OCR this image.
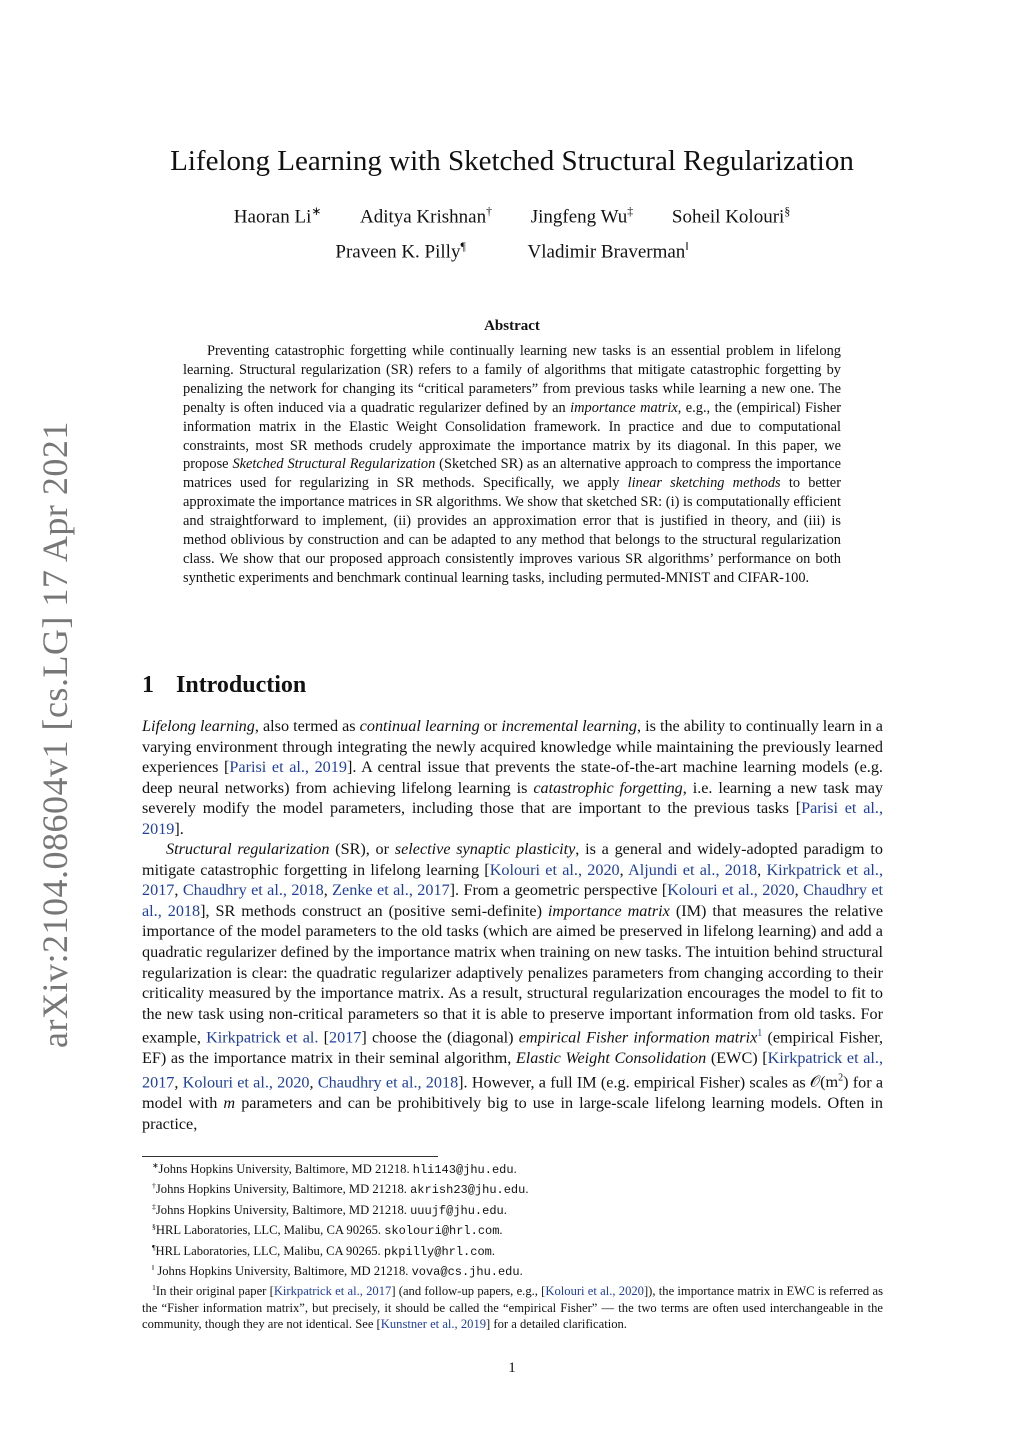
arXiv:2104.08604v1 [cs.LG] 17 Apr 2021
Lifelong Learning with Sketched Structural Regularization
Haoran Li∗ Aditya Krishnan† Jingfeng Wu‡ Soheil Kolouri§
Praveen K. Pilly¶	Vladimir Braverman‖
Abstract
Preventing catastrophic forgetting while continually learning new tasks is an essential problem in lifelong learning. Structural regularization (SR) refers to a family of algorithms that mitigate catastrophic forgetting by penalizing the network for changing its “critical parameters” from previous tasks while learning a new one. The penalty is often induced via a quadratic regularizer defined by an importance matrix, e.g., the (empirical) Fisher information matrix in the Elastic Weight Consolidation framework. In practice and due to computational constraints, most SR methods crudely approximate the importance matrix by its diagonal. In this paper, we propose Sketched Structural Regularization (Sketched SR) as an alternative approach to compress the importance matrices used for regularizing in SR methods. Specifically, we apply linear sketching methods to better approximate the importance matrices in SR algorithms. We show that sketched SR: (i) is computationally efficient and straightforward to implement, (ii) provides an approximation error that is justified in theory, and (iii) is method oblivious by construction and can be adapted to any method that belongs to the structural regularization class. We show that our proposed approach consistently improves various SR algorithms’ performance on both synthetic experiments and benchmark continual learning tasks, including permuted-MNIST and CIFAR-100.
1 Introduction
Lifelong learning, also termed as continual learning or incremental learning, is the ability to continually learn in a varying environment through integrating the newly acquired knowledge while maintaining the previously learned experiences [Parisi et al., 2019]. A central issue that prevents the state-of-the-art machine learning models (e.g. deep neural networks) from achieving lifelong learning is catastrophic forgetting, i.e. learning a new task may severely modify the model parameters, including those that are important to the previous tasks [Parisi et al., 2019].
Structural regularization (SR), or selective synaptic plasticity, is a general and widely-adopted paradigm to mitigate catastrophic forgetting in lifelong learning [Kolouri et al., 2020, Aljundi et al., 2018, Kirkpatrick et al., 2017, Chaudhry et al., 2018, Zenke et al., 2017]. From a geometric perspective [Kolouri et al., 2020, Chaudhry et al., 2018], SR methods construct an (positive semi-definite) importance matrix (IM) that measures the relative importance of the model parameters to the old tasks (which are aimed be preserved in lifelong learning) and add a quadratic regularizer defined by the importance matrix when training on new tasks. The intuition behind structural regularization is clear: the quadratic regularizer adaptively penalizes parameters from changing according to their criticality measured by the importance matrix. As a result, structural regularization encourages the model to fit to the new task using non-critical parameters so that it is able to preserve important information from old tasks. For example, Kirkpatrick et al. [2017] choose the (diagonal) empirical Fisher information matrix$^1$ (empirical Fisher, EF) as the importance matrix in their seminal algorithm, Elastic Weight Consolidation (EWC) [Kirkpatrick et al., 2017, Kolouri et al., 2020, Chaudhry et al., 2018]. However, a full IM (e.g. empirical Fisher) scales as $𝒪(m^2)$ for a model with m parameters and can be prohibitively big to use in large-scale lifelong learning models. Often in practice,
∗Johns Hopkins University, Baltimore, MD 21218. hli143@jhu.edu.
†Johns Hopkins University, Baltimore, MD 21218. akrish23@jhu.edu.
‡Johns Hopkins University, Baltimore, MD 21218. uuujf@jhu.edu.
§HRL Laboratories, LLC, Malibu, CA 90265. skolouri@hrl.com.
¶HRL Laboratories, LLC, Malibu, CA 90265. pkpilly@hrl.com.
‖ Johns Hopkins University, Baltimore, MD 21218. vova@cs.jhu.edu.
$^1$In their original paper [Kirkpatrick et al., 2017] (and follow-up papers, e.g., [Kolouri et al., 2020]), the importance matrix in EWC is referred as the “Fisher information matrix”, but precisely, it should be called the “empirical Fisher” — the two terms are often used interchangeable in the community, though they are not identical. See [Kunstner et al., 2019] for a detailed clarification.
1
